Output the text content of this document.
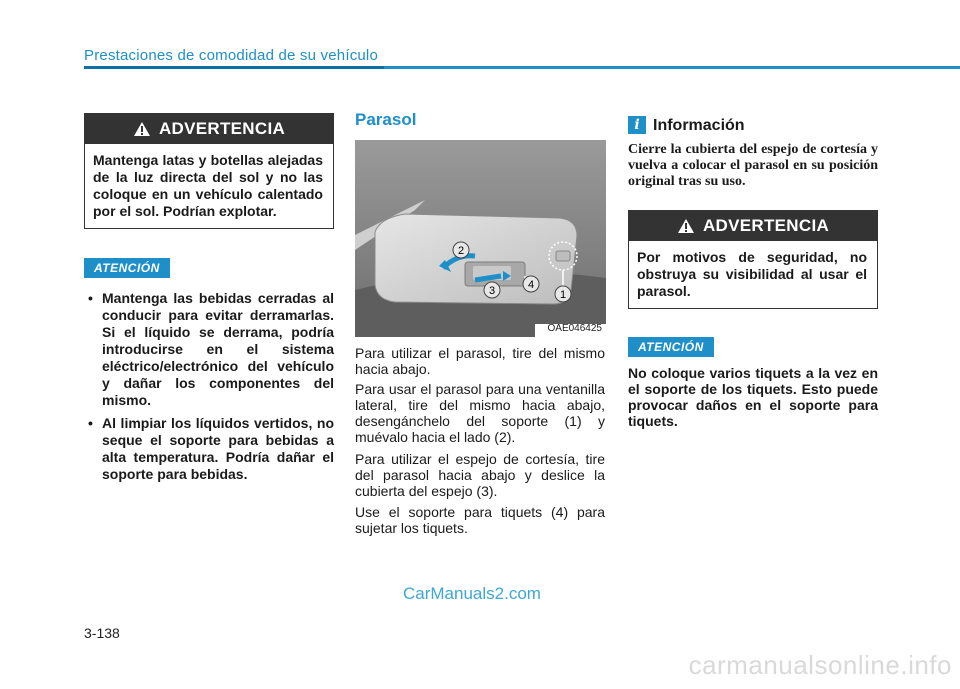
Prestaciones de comodidad de su vehículo
ADVERTENCIA
Mantenga latas y botellas alejadas de la luz directa del sol y no las coloque en un vehículo calentado por el sol. Podrían explotar.
ATENCIÓN
• Mantenga las bebidas cerradas al conducir para evitar derramarlas. Si el líquido se derrama, podría introducirse en el sistema eléctrico/electrónico del vehículo y dañar los componentes del mismo.
• Al limpiar los líquidos vertidos, no seque el soporte para bebidas a alta temperatura. Podría dañar el soporte para bebidas.
Parasol
2
3	4
1
OAE046425

Para utilizar el parasol, tire del mismo hacia abajo.

Para usar el parasol para una ventanilla lateral, tire del mismo hacia abajo, desengánchelo del soporte (1) y muévalo hacia el lado (2).

Para utilizar el espejo de cortesía, tire del parasol hacia abajo y deslice la cubierta del espejo (3).

Use el soporte para tiquets (4) para sujetar los tiquets.

i Información
Cierre la cubierta del espejo de cortesía y vuelva a colocar el parasol en su posición original tras su uso.
ADVERTENCIA
Por motivos de seguridad, no obstruya su visibilidad al usar el parasol.
ATENCIÓN
No coloque varios tiquets a la vez en el soporte de los tiquets. Esto puede provocar daños en el soporte para tiquets.
CarManuals2.com
3-138
carmanualsonline.info
